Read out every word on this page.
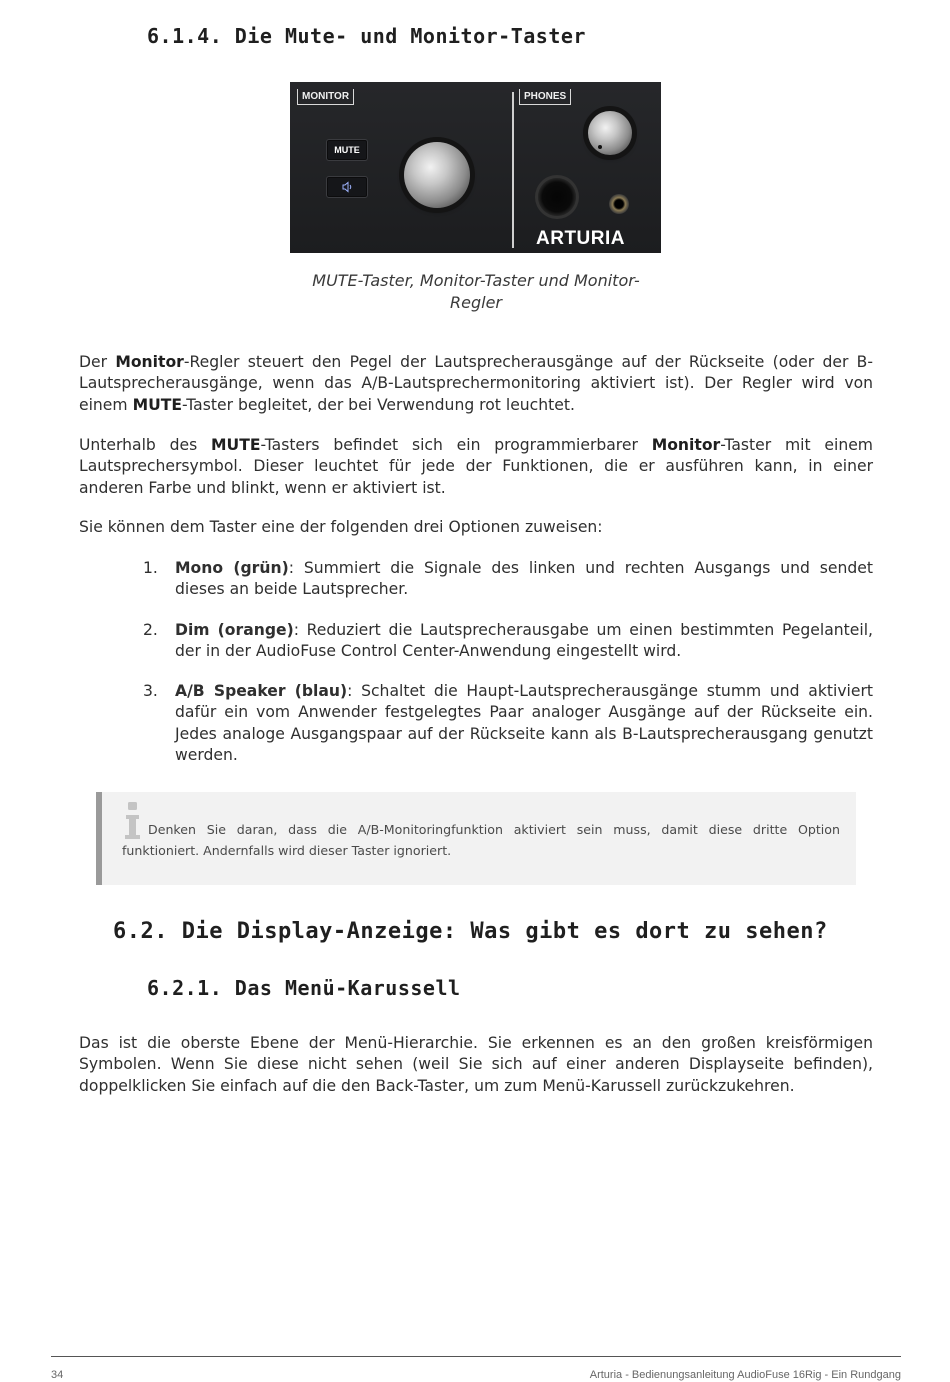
6.1.4. Die Mute- und Monitor-Taster
MONITOR	PHONES
MUTE
ARTURIA
MUTE-Taster, Monitor-Taster und Monitor-
Regler

Der Monitor-Regler steuert den Pegel der Lautsprecherausgänge auf der Rückseite (oder der B-Lautsprecherausgänge, wenn das A/B-Lautsprechermonitoring aktiviert ist). Der Regler wird von einem MUTE-Taster begleitet, der bei Verwendung rot leuchtet.

Unterhalb des MUTE-Tasters befindet sich ein programmierbarer Monitor-Taster mit einem Lautsprechersymbol. Dieser leuchtet für jede der Funktionen, die er ausführen kann, in einer anderen Farbe und blinkt, wenn er aktiviert ist.

Sie können dem Taster eine der folgenden drei Optionen zuweisen:

1. Mono (grün): Summiert die Signale des linken und rechten Ausgangs und sendet dieses an beide Lautsprecher.
2. Dim (orange): Reduziert die Lautsprecherausgabe um einen bestimmten Pegelanteil, der in der AudioFuse Control Center-Anwendung eingestellt wird.
3. A/B Speaker (blau): Schaltet die Haupt-Lautsprecherausgänge stumm und aktiviert dafür ein vom Anwender festgelegtes Paar analoger Ausgänge auf der Rückseite ein. Jedes analoge Ausgangspaar auf der Rückseite kann als B-Lautsprecherausgang genutzt werden.

Denken Sie daran, dass die A/B-Monitoringfunktion aktiviert sein muss, damit diese dritte Option funktioniert. Andernfalls wird dieser Taster ignoriert.

6.2. Die Display-Anzeige: Was gibt es dort zu sehen?
6.2.1. Das Menü-Karussell

Das ist die oberste Ebene der Menü-Hierarchie. Sie erkennen es an den großen kreisförmigen Symbolen. Wenn Sie diese nicht sehen (weil Sie sich auf einer anderen Displayseite befinden), doppelklicken Sie einfach auf die den Back-Taster, um zum Menü-Karussell zurückzukehren.

34	Arturia - Bedienungsanleitung AudioFuse 16Rig - Ein Rundgang
